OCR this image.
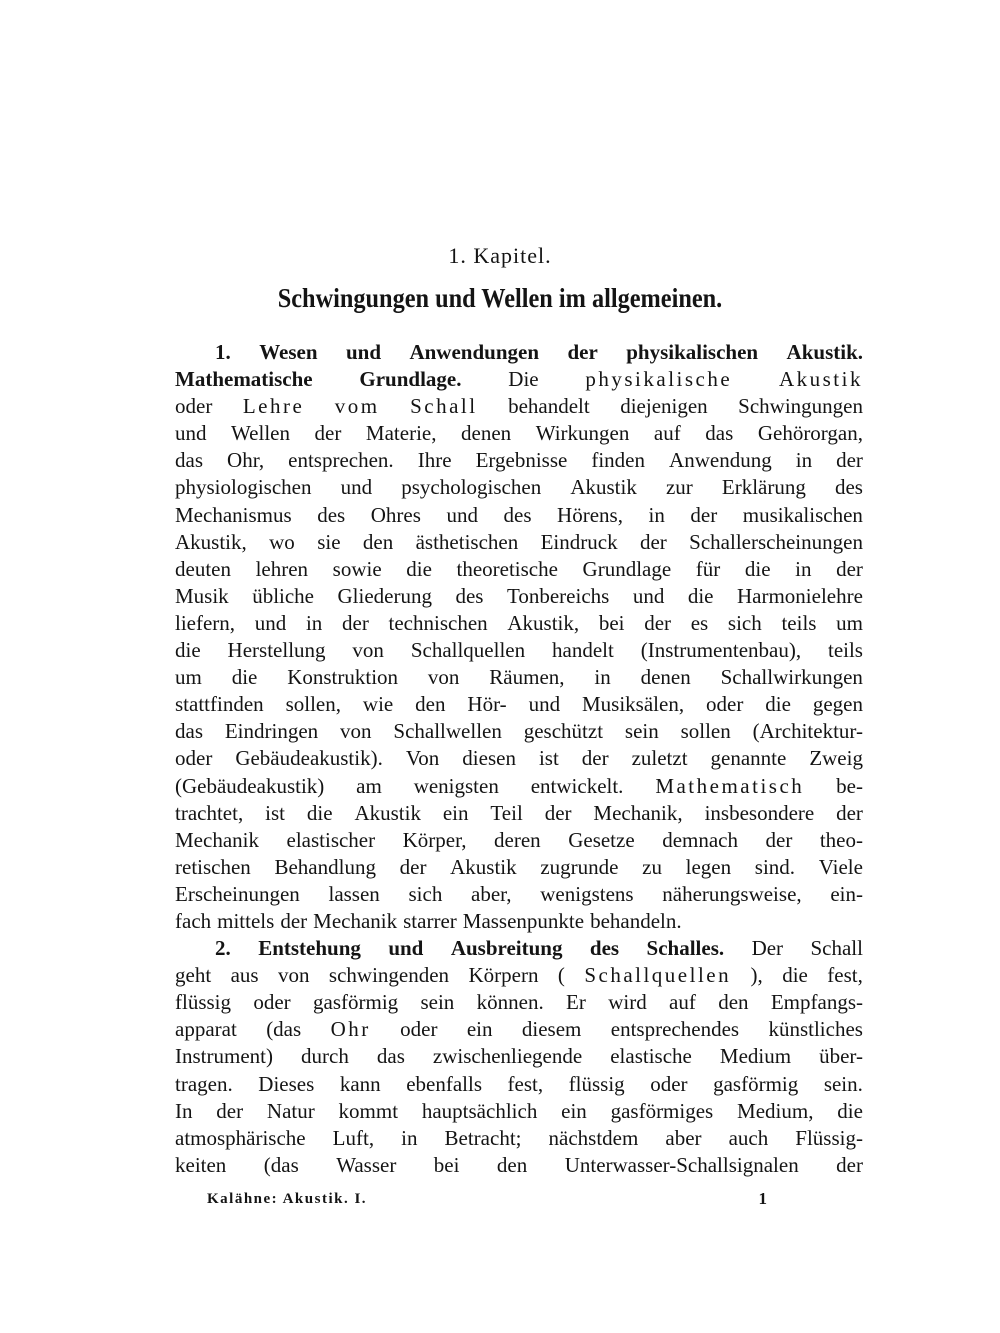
1. Kapitel.
Schwingungen und Wellen im allgemeinen.
1. Wesen und Anwendungen der physikalischen Akustik.
Mathematische Grundlage. Die physikalische Akustik
oder Lehre vom Schall behandelt diejenigen Schwingungen
und Wellen der Materie, denen Wirkungen auf das Gehörorgan,
das Ohr, entsprechen. Ihre Ergebnisse finden Anwendung in der
physiologischen und psychologischen Akustik zur Erklärung des
Mechanismus des Ohres und des Hörens, in der musikalischen
Akustik, wo sie den ästhetischen Eindruck der Schallerscheinungen
deuten lehren sowie die theoretische Grundlage für die in der
Musik übliche Gliederung des Tonbereichs und die Harmonielehre
liefern, und in der technischen Akustik, bei der es sich teils um
die Herstellung von Schallquellen handelt (Instrumentenbau), teils
um die Konstruktion von Räumen, in denen Schallwirkungen
stattfinden sollen, wie den Hör- und Musiksälen, oder die gegen
das Eindringen von Schallwellen geschützt sein sollen (Architektur-
oder Gebäudeakustik). Von diesen ist der zuletzt genannte Zweig
(Gebäudeakustik) am wenigsten entwickelt. Mathematisch be-
trachtet, ist die Akustik ein Teil der Mechanik, insbesondere der
Mechanik elastischer Körper, deren Gesetze demnach der theo-
retischen Behandlung der Akustik zugrunde zu legen sind. Viele
Erscheinungen lassen sich aber, wenigstens näherungsweise, ein-
fach mittels der Mechanik starrer Massenpunkte behandeln.
2. Entstehung und Ausbreitung des Schalles. Der Schall
geht aus von schwingenden Körpern ( Schallquellen ), die fest,
flüssig oder gasförmig sein können. Er wird auf den Empfangs-
apparat (das Ohr oder ein diesem entsprechendes künstliches
Instrument) durch das zwischenliegende elastische Medium über-
tragen. Dieses kann ebenfalls fest, flüssig oder gasförmig sein.
In der Natur kommt hauptsächlich ein gasförmiges Medium, die
atmosphärische Luft, in Betracht; nächstdem aber auch Flüssig-
keiten (das Wasser bei den Unterwasser-Schallsignalen der
Kalähne: Akustik. I.	1
